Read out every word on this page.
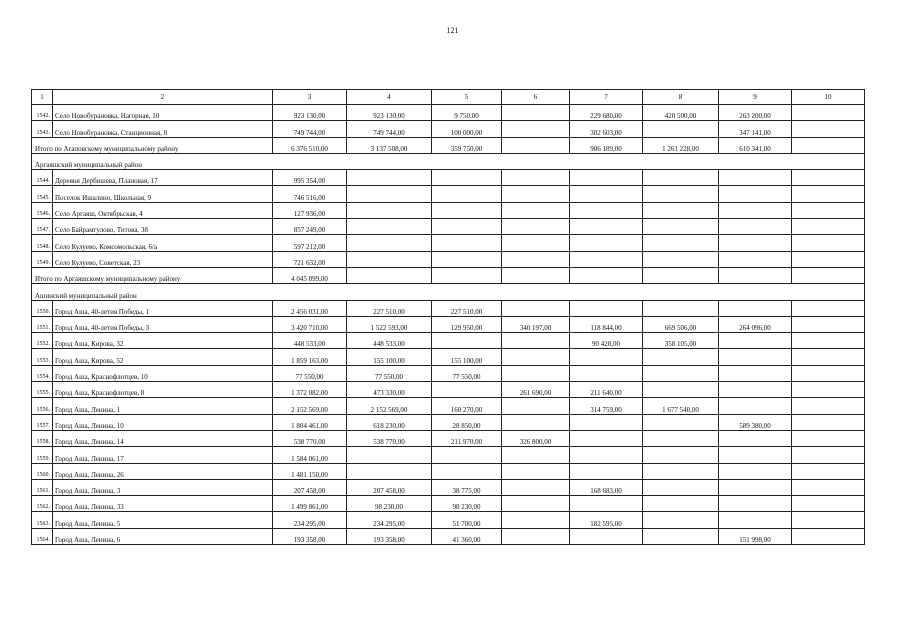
121
1	2	3	4	5	6	7	8	9	10
1542.	Село Новобурановка, Нагорная, 10	923 130,00	923 130,00	9 750,00		229 680,00	420 500,00	263 200,00	
1543.	Село Новобурановка, Станционная, 8	749 744,00	749 744,00	100 000,00		302 603,00		347 141,00	
Итого по Агаповскому муниципальному району		6 376 510,00	3 137 508,00	359 750,00		906 189,00	1 261 228,00	610 341,00	
Аргаяшский муниципальный район									
1544.	Деревня Дербишева, Плановая, 17	995 354,00							
1545.	Поселок Ишалино, Школьная, 9	746 516,00							
1546.	Село Аргаяш, Октябрьская, 4	127 936,00							
1547.	Село Байрамгулово, Титова, 38	857 249,00							
1548.	Село Кулуево, Комсомольская, 6/а	597 212,00							
1549.	Село Кулуево, Советская, 23	721 632,00							
Итого по Аргаяшскому муниципальному району		4 045 899,00							
Ашинский муниципальный район									
1550.	Город Аша, 40-летия Победы, 1	2 456 031,00	227 510,00	227 510,00					
1551.	Город Аша, 40-летия Победы, 3	3 420 710,00	1 522 593,00	129 950,00	340 197,00	118 844,00	669 506,00	264 096,00	
1552.	Город Аша, Кирова, 32	448 533,00	448 533,00			90 428,00	358 105,00		
1553.	Город Аша, Кирова, 52	1 859 163,00	155 100,00	155 100,00					
1554.	Город Аша, Краснофлотцев, 10	77 550,00	77 550,00	77 550,00					
1555.	Город Аша, Краснофлотцев, 8	1 372 082,00	473 330,00		261 690,00	211 640,00			
1556.	Город Аша, Ленина, 1	2 152 569,00	2 152 569,00	160 270,00		314 759,00	1 677 540,00		
1557.	Город Аша, Ленина, 10	1 804 461,00	618 230,00	28 850,00				589 380,00	
1558.	Город Аша, Ленина, 14	538 770,00	538 770,00	211 970,00	326 800,00				
1559.	Город Аша, Ленина, 17	1 584 061,00							
1560.	Город Аша, Ленина, 26	1 481 150,00							
1561.	Город Аша, Ленина, 3	207 458,00	207 458,00	38 775,00		168 683,00			
1562.	Город Аша, Ленина, 33	1 499 861,00	98 230,00	98 230,00					
1563.	Город Аша, Ленина, 5	234 295,00	234 295,00	51 700,00		182 595,00			
1564.	Город Аша, Ленина, 6	193 358,00	193 358,00	41 360,00				151 998,00	
